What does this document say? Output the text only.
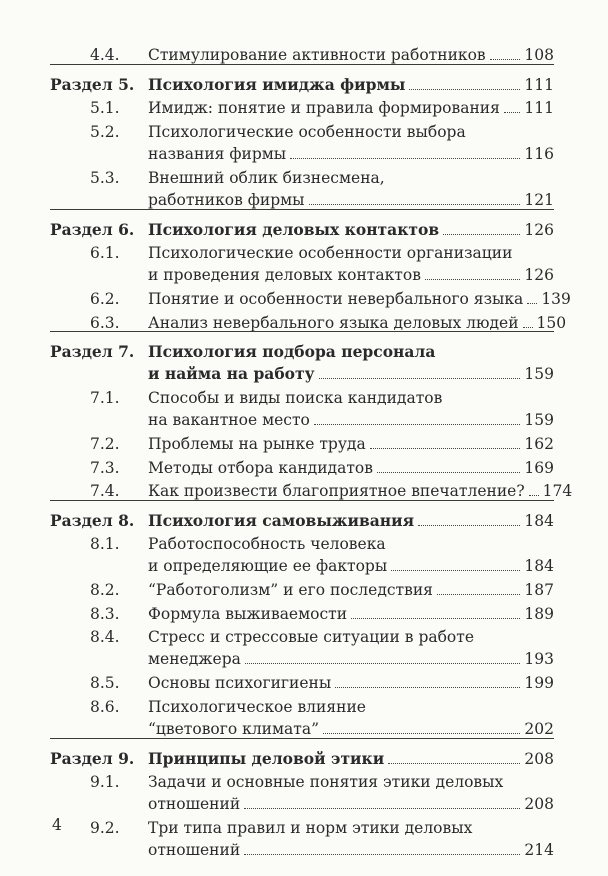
4.4. Стимулирование активности работников	108
Раздел 5. Психология имиджа фирмы	111
5.1. Имидж: понятие и правила формирования 111
5.2. Психологические особенности выбора
названия фирмы	116
5.3. Внешний облик бизнесмена,
работников фирмы	121
Раздел 6. Психология деловых контактов	126
6.1. Психологические особенности организации
и проведения деловых контактов	126
6.2. Понятие и особенности невербального языка 139
6.3. Анализ невербального языка деловых людей 150
Раздел 7. Психология подбора персонала
и найма на работу	159
7.1. Способы и виды поиска кандидатов
на вакантное место	159
7.2. Проблемы на рынке труда	162
7.3. Методы отбора кандидатов	169
7.4. Как произвести благоприятное впечатление? 174
Раздел 8. Психология самовыживания	184
8.1. Работоспособность человека
и определяющие ее факторы	184
8.2. “Работоголизм” и его последствия	187
8.3. Формула выживаемости	189
8.4. Стресс и стрессовые ситуации в работе
менеджера	193
8.5. Основы психогигиены	199
8.6. Психологическое влияние
“цветового климата”	202
Раздел 9. Принципы деловой этики	208
9.1. Задачи и основные понятия этики деловых
отношений	208
9.2. Три типа правил и норм этики деловых
отношений	214
4
